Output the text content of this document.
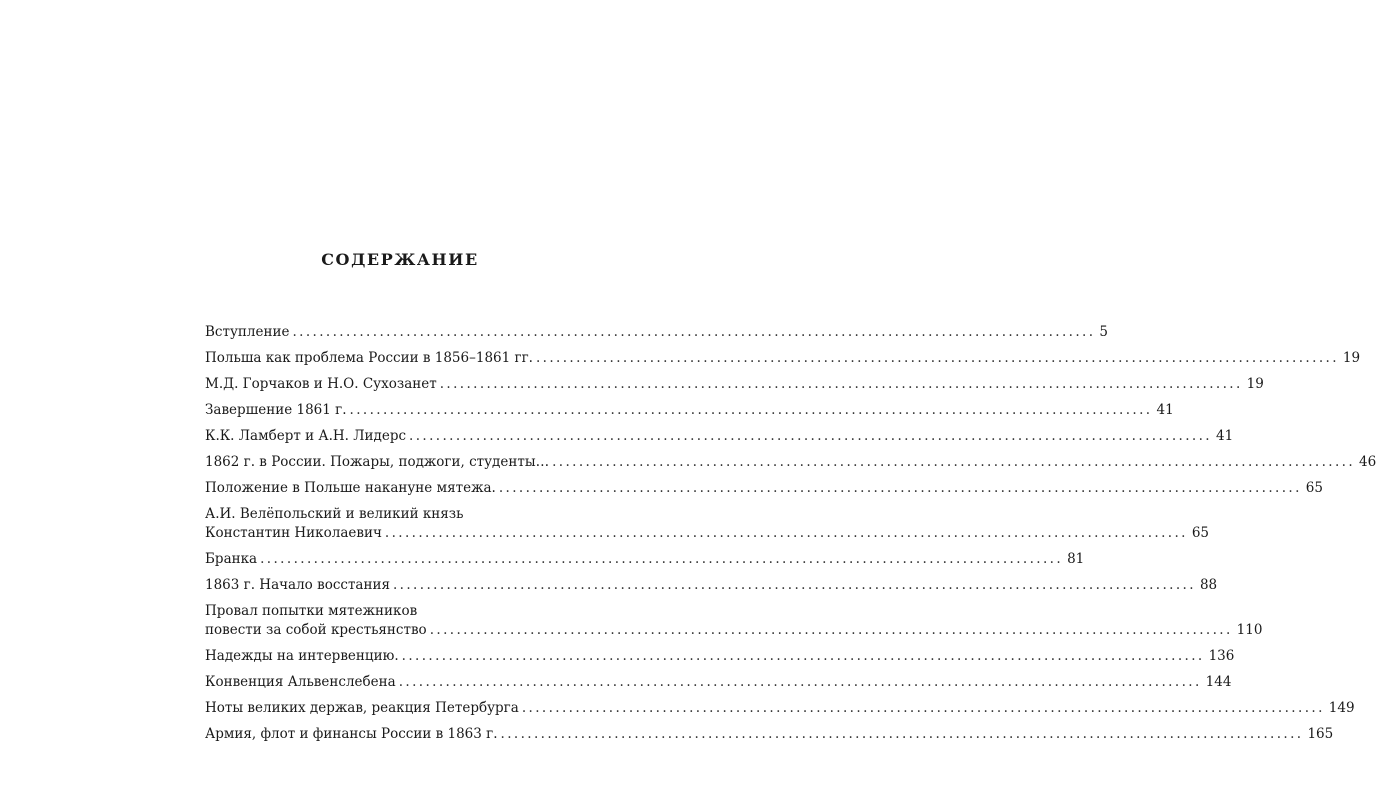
СОДЕРЖАНИЕ
Вступление ........................................................................................................................ 5
Польша как проблема России в 1856–1861 гг. ........................................................................................................................ 19
М.Д. Горчаков и Н.О. Сухозанет ........................................................................................................................ 19
Завершение 1861 г. ........................................................................................................................ 41
К.К. Ламберт и А.Н. Лидерс ........................................................................................................................ 41
1862 г. в России. Пожары, поджоги, студенты… ........................................................................................................................ 46
Положение в Польше накануне мятежа. ........................................................................................................................ 65
А.И. Велёпольский и великий князь
Константин Николаевич ........................................................................................................................ 65
Бранка ........................................................................................................................ 81
1863 г. Начало восстания ........................................................................................................................ 88
Провал попытки мятежников
повести за собой крестьянство ........................................................................................................................ 110
Надежды на интервенцию. ........................................................................................................................ 136
Конвенция Альвенслебена ........................................................................................................................ 144
Ноты великих держав, реакция Петербурга ........................................................................................................................ 149
Армия, флот и финансы России в 1863 г. ........................................................................................................................ 165
